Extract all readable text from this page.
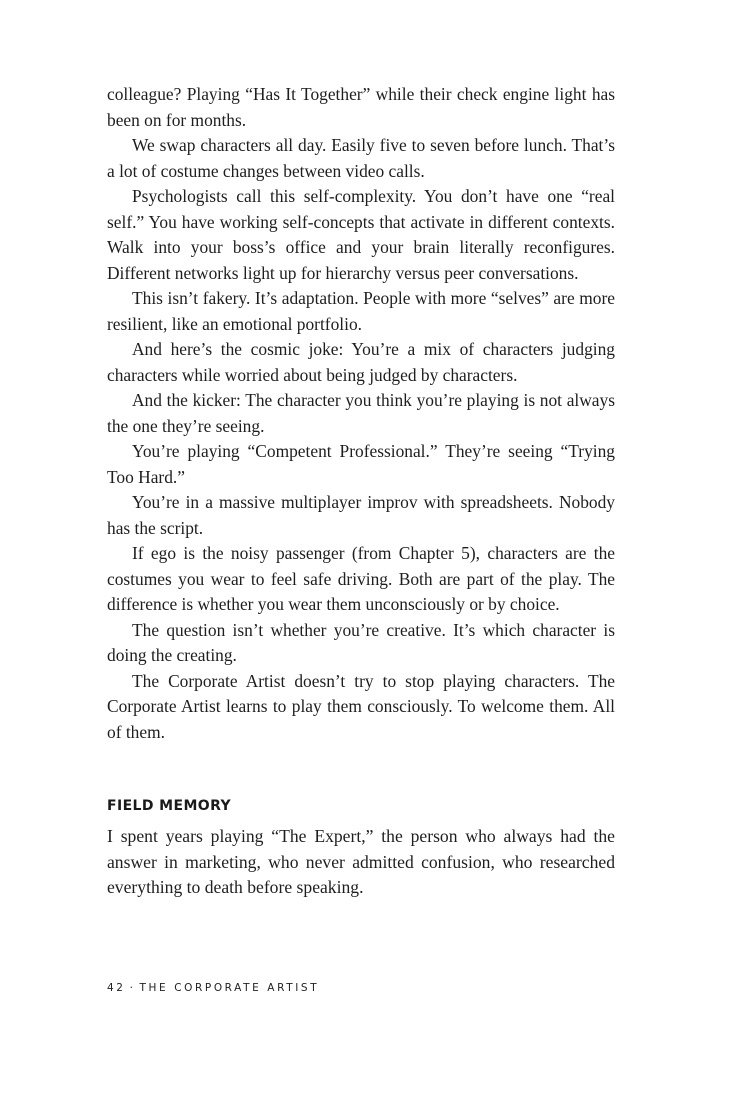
colleague? Playing “Has It Together” while their check engine light has been on for months.

We swap characters all day. Easily five to seven before lunch. That’s a lot of costume changes between video calls.

Psychologists call this self-complexity. You don’t have one “real self.” You have working self-concepts that activate in different contexts. Walk into your boss’s office and your brain literally reconfigures. Different networks light up for hierarchy versus peer conversations.

This isn’t fakery. It’s adaptation. People with more “selves” are more resilient, like an emotional portfolio.

And here’s the cosmic joke: You’re a mix of characters judging characters while worried about being judged by characters.

And the kicker: The character you think you’re playing is not always the one they’re seeing.

You’re playing “Competent Professional.” They’re seeing “Trying Too Hard.”

You’re in a massive multiplayer improv with spreadsheets. Nobody has the script.

If ego is the noisy passenger (from Chapter 5), characters are the costumes you wear to feel safe driving. Both are part of the play. The difference is whether you wear them unconsciously or by choice.

The question isn’t whether you’re creative. It’s which character is doing the creating.

The Corporate Artist doesn’t try to stop playing characters. The Corporate Artist learns to play them consciously. To welcome them. All of them.

FIELD MEMORY

I spent years playing “The Expert,” the person who always had the answer in marketing, who never admitted confusion, who researched everything to death before speaking.

42 · THE CORPORATE ARTIST
